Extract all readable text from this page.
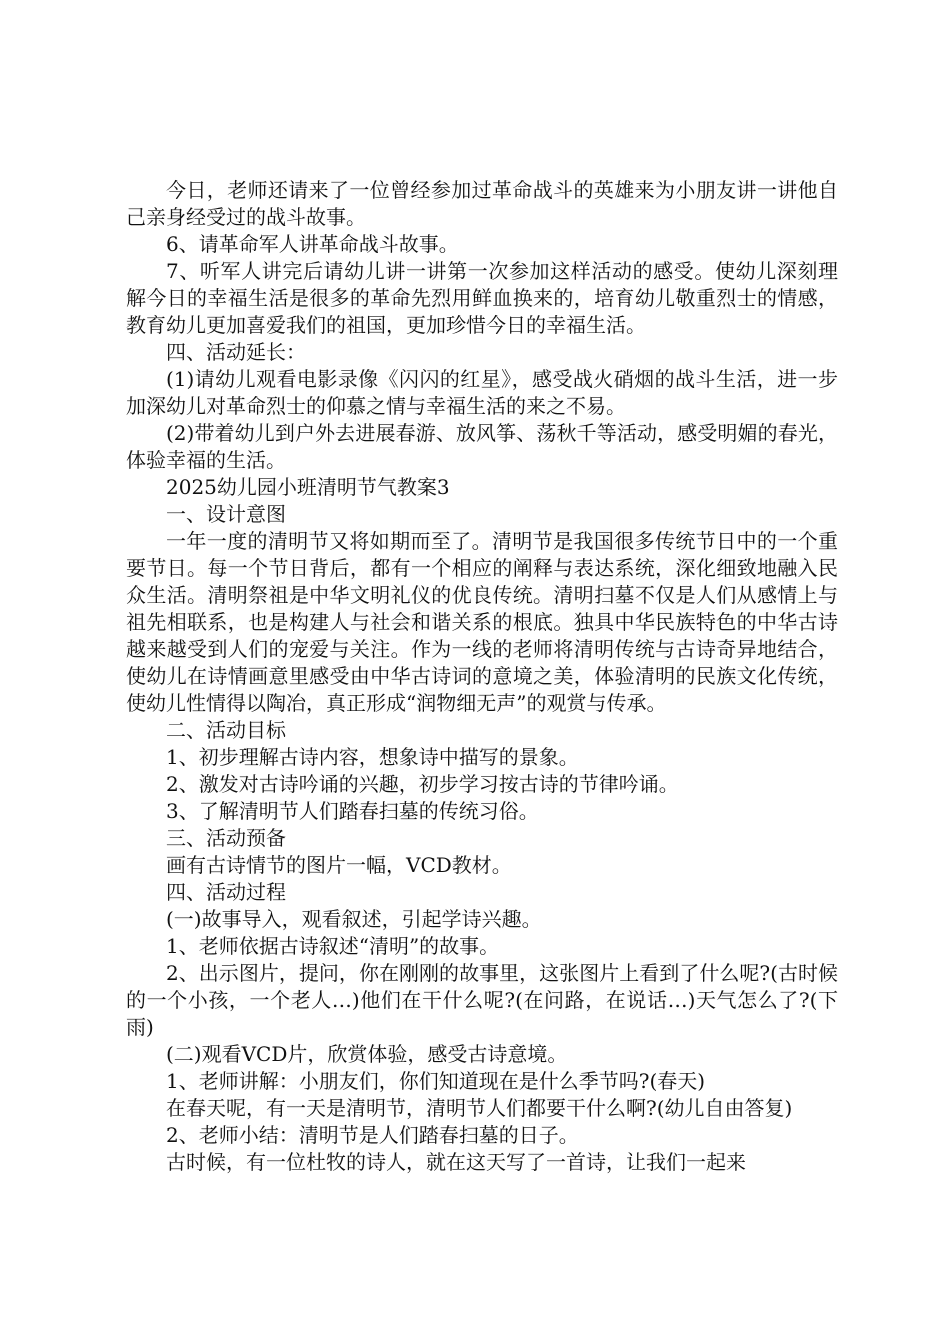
今日，老师还请来了一位曾经参加过革命战斗的英雄来为小朋友讲一讲他自己亲身经受过的战斗故事。

6、请革命军人讲革命战斗故事。

7、听军人讲完后请幼儿讲一讲第一次参加这样活动的感受。使幼儿深刻理解今日的幸福生活是很多的革命先烈用鲜血换来的，培育幼儿敬重烈士的情感，教育幼儿更加喜爱我们的祖国，更加珍惜今日的幸福生活。

四、活动延长：

(1)请幼儿观看电影录像《闪闪的红星》，感受战火硝烟的战斗生活，进一步加深幼儿对革命烈士的仰慕之情与幸福生活的来之不易。

(2)带着幼儿到户外去进展春游、放风筝、荡秋千等活动，感受明媚的春光，体验幸福的生活。

2025幼儿园小班清明节气教案3

一、设计意图

一年一度的清明节又将如期而至了。清明节是我国很多传统节日中的一个重要节日。每一个节日背后，都有一个相应的阐释与表达系统，深化细致地融入民众生活。清明祭祖是中华文明礼仪的优良传统。清明扫墓不仅是人们从感情上与祖先相联系，也是构建人与社会和谐关系的根底。独具中华民族特色的中华古诗越来越受到人们的宠爱与关注。作为一线的老师将清明传统与古诗奇异地结合，使幼儿在诗情画意里感受由中华古诗词的意境之美，体验清明的民族文化传统，使幼儿性情得以陶冶，真正形成“润物细无声”的观赏与传承。

二、活动目标

1、初步理解古诗内容，想象诗中描写的景象。

2、激发对古诗吟诵的兴趣，初步学习按古诗的节律吟诵。

3、了解清明节人们踏春扫墓的传统习俗。

三、活动预备

画有古诗情节的图片一幅，VCD教材。

四、活动过程

(一)故事导入，观看叙述，引起学诗兴趣。

1、老师依据古诗叙述“清明”的故事。

2、出示图片，提问，你在刚刚的故事里，这张图片上看到了什么呢?(古时候的一个小孩，一个老人…)他们在干什么呢?(在问路，在说话…)天气怎么了?(下雨)

(二)观看VCD片，欣赏体验，感受古诗意境。

1、老师讲解：小朋友们，你们知道现在是什么季节吗?(春天)

在春天呢，有一天是清明节，清明节人们都要干什么啊?(幼儿自由答复)

2、老师小结：清明节是人们踏春扫墓的日子。

古时候，有一位杜牧的诗人，就在这天写了一首诗，让我们一起来
